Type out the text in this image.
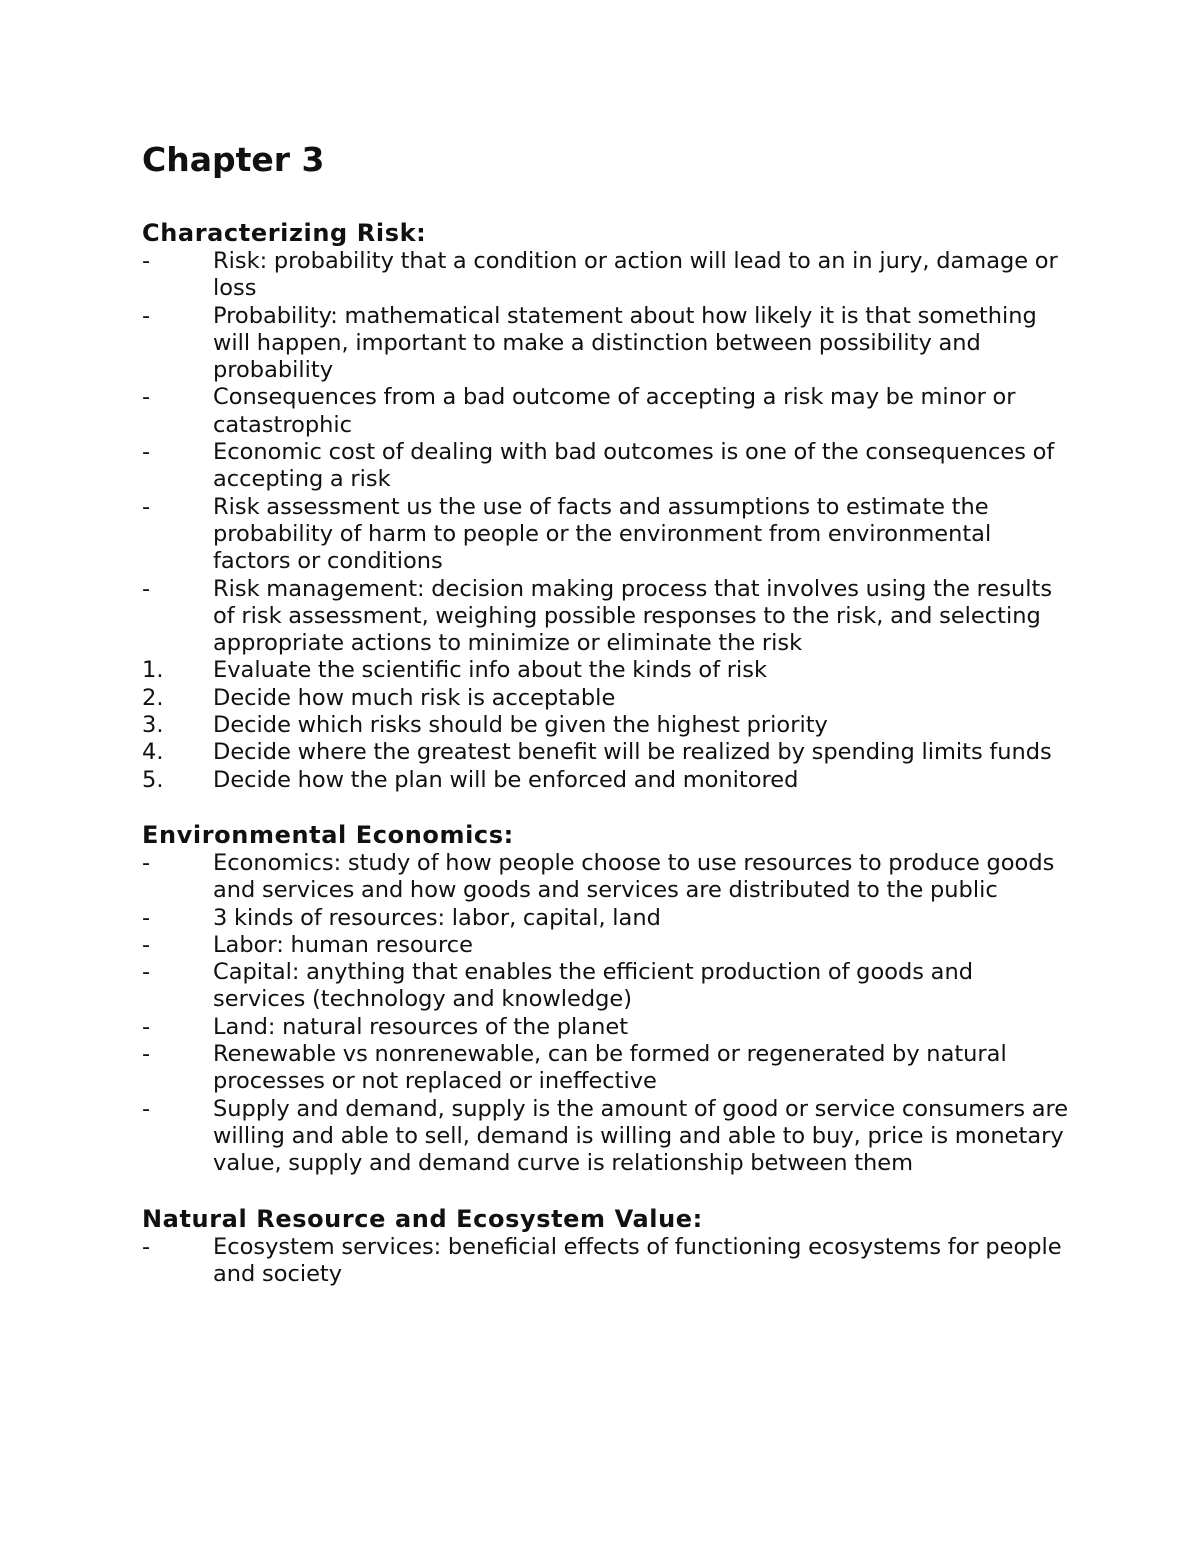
Chapter 3
Characterizing Risk:
-	Risk: probability that a condition or action will lead to an in jury, damage or loss
-	Probability: mathematical statement about how likely it is that something will happen, important to make a distinction between possibility and probability
-	Consequences from a bad outcome of accepting a risk may be minor or catastrophic
-	Economic cost of dealing with bad outcomes is one of the consequences of accepting a risk
-	Risk assessment us the use of facts and assumptions to estimate the probability of harm to people or the environment from environmental factors or conditions
-	Risk management: decision making process that involves using the results of risk assessment, weighing possible responses to the risk, and selecting appropriate actions to minimize or eliminate the risk
1. Evaluate the scientific info about the kinds of risk
2. Decide how much risk is acceptable
3. Decide which risks should be given the highest priority
4. Decide where the greatest benefit will be realized by spending limits funds
5. Decide how the plan will be enforced and monitored
Environmental Economics:
-	Economics: study of how people choose to use resources to produce goods and services and how goods and services are distributed to the public
-	3 kinds of resources: labor, capital, land
-	Labor: human resource
-	Capital: anything that enables the efficient production of goods and services (technology and knowledge)
-	Land: natural resources of the planet
-	Renewable vs nonrenewable, can be formed or regenerated by natural processes or not replaced or ineffective
-	Supply and demand, supply is the amount of good or service consumers are willing and able to sell, demand is willing and able to buy, price is monetary value, supply and demand curve is relationship between them
Natural Resource and Ecosystem Value:
-	Ecosystem services: beneficial effects of functioning ecosystems for people and society
